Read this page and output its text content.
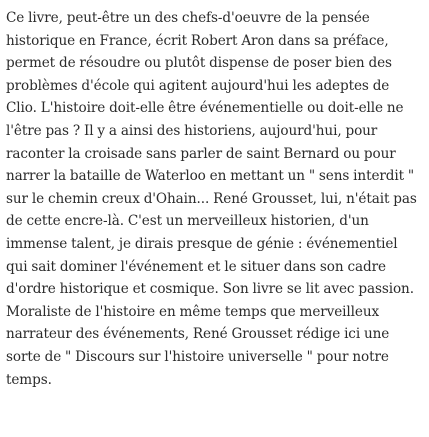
Ce livre, peut-être un des chefs-d'oeuvre de la pensée historique en France, écrit Robert Aron dans sa préface, permet de résoudre ou plutôt dispense de poser bien des problèmes d'école qui agitent aujourd'hui les adeptes de Clio. L'histoire doit-elle être événementielle ou doit-elle ne l'être pas ? Il y a ainsi des historiens, aujourd'hui, pour raconter la croisade sans parler de saint Bernard ou pour narrer la bataille de Waterloo en mettant un " sens interdit " sur le chemin creux d'Ohain... René Grousset, lui, n'était pas de cette encre-là. C'est un merveilleux historien, d'un immense talent, je dirais presque de génie : événementiel qui sait dominer l'événement et le situer dans son cadre d'ordre historique et cosmique. Son livre se lit avec passion. Moraliste de l'histoire en même temps que merveilleux narrateur des événements, René Grousset rédige ici une sorte de " Discours sur l'histoire universelle " pour notre temps.
